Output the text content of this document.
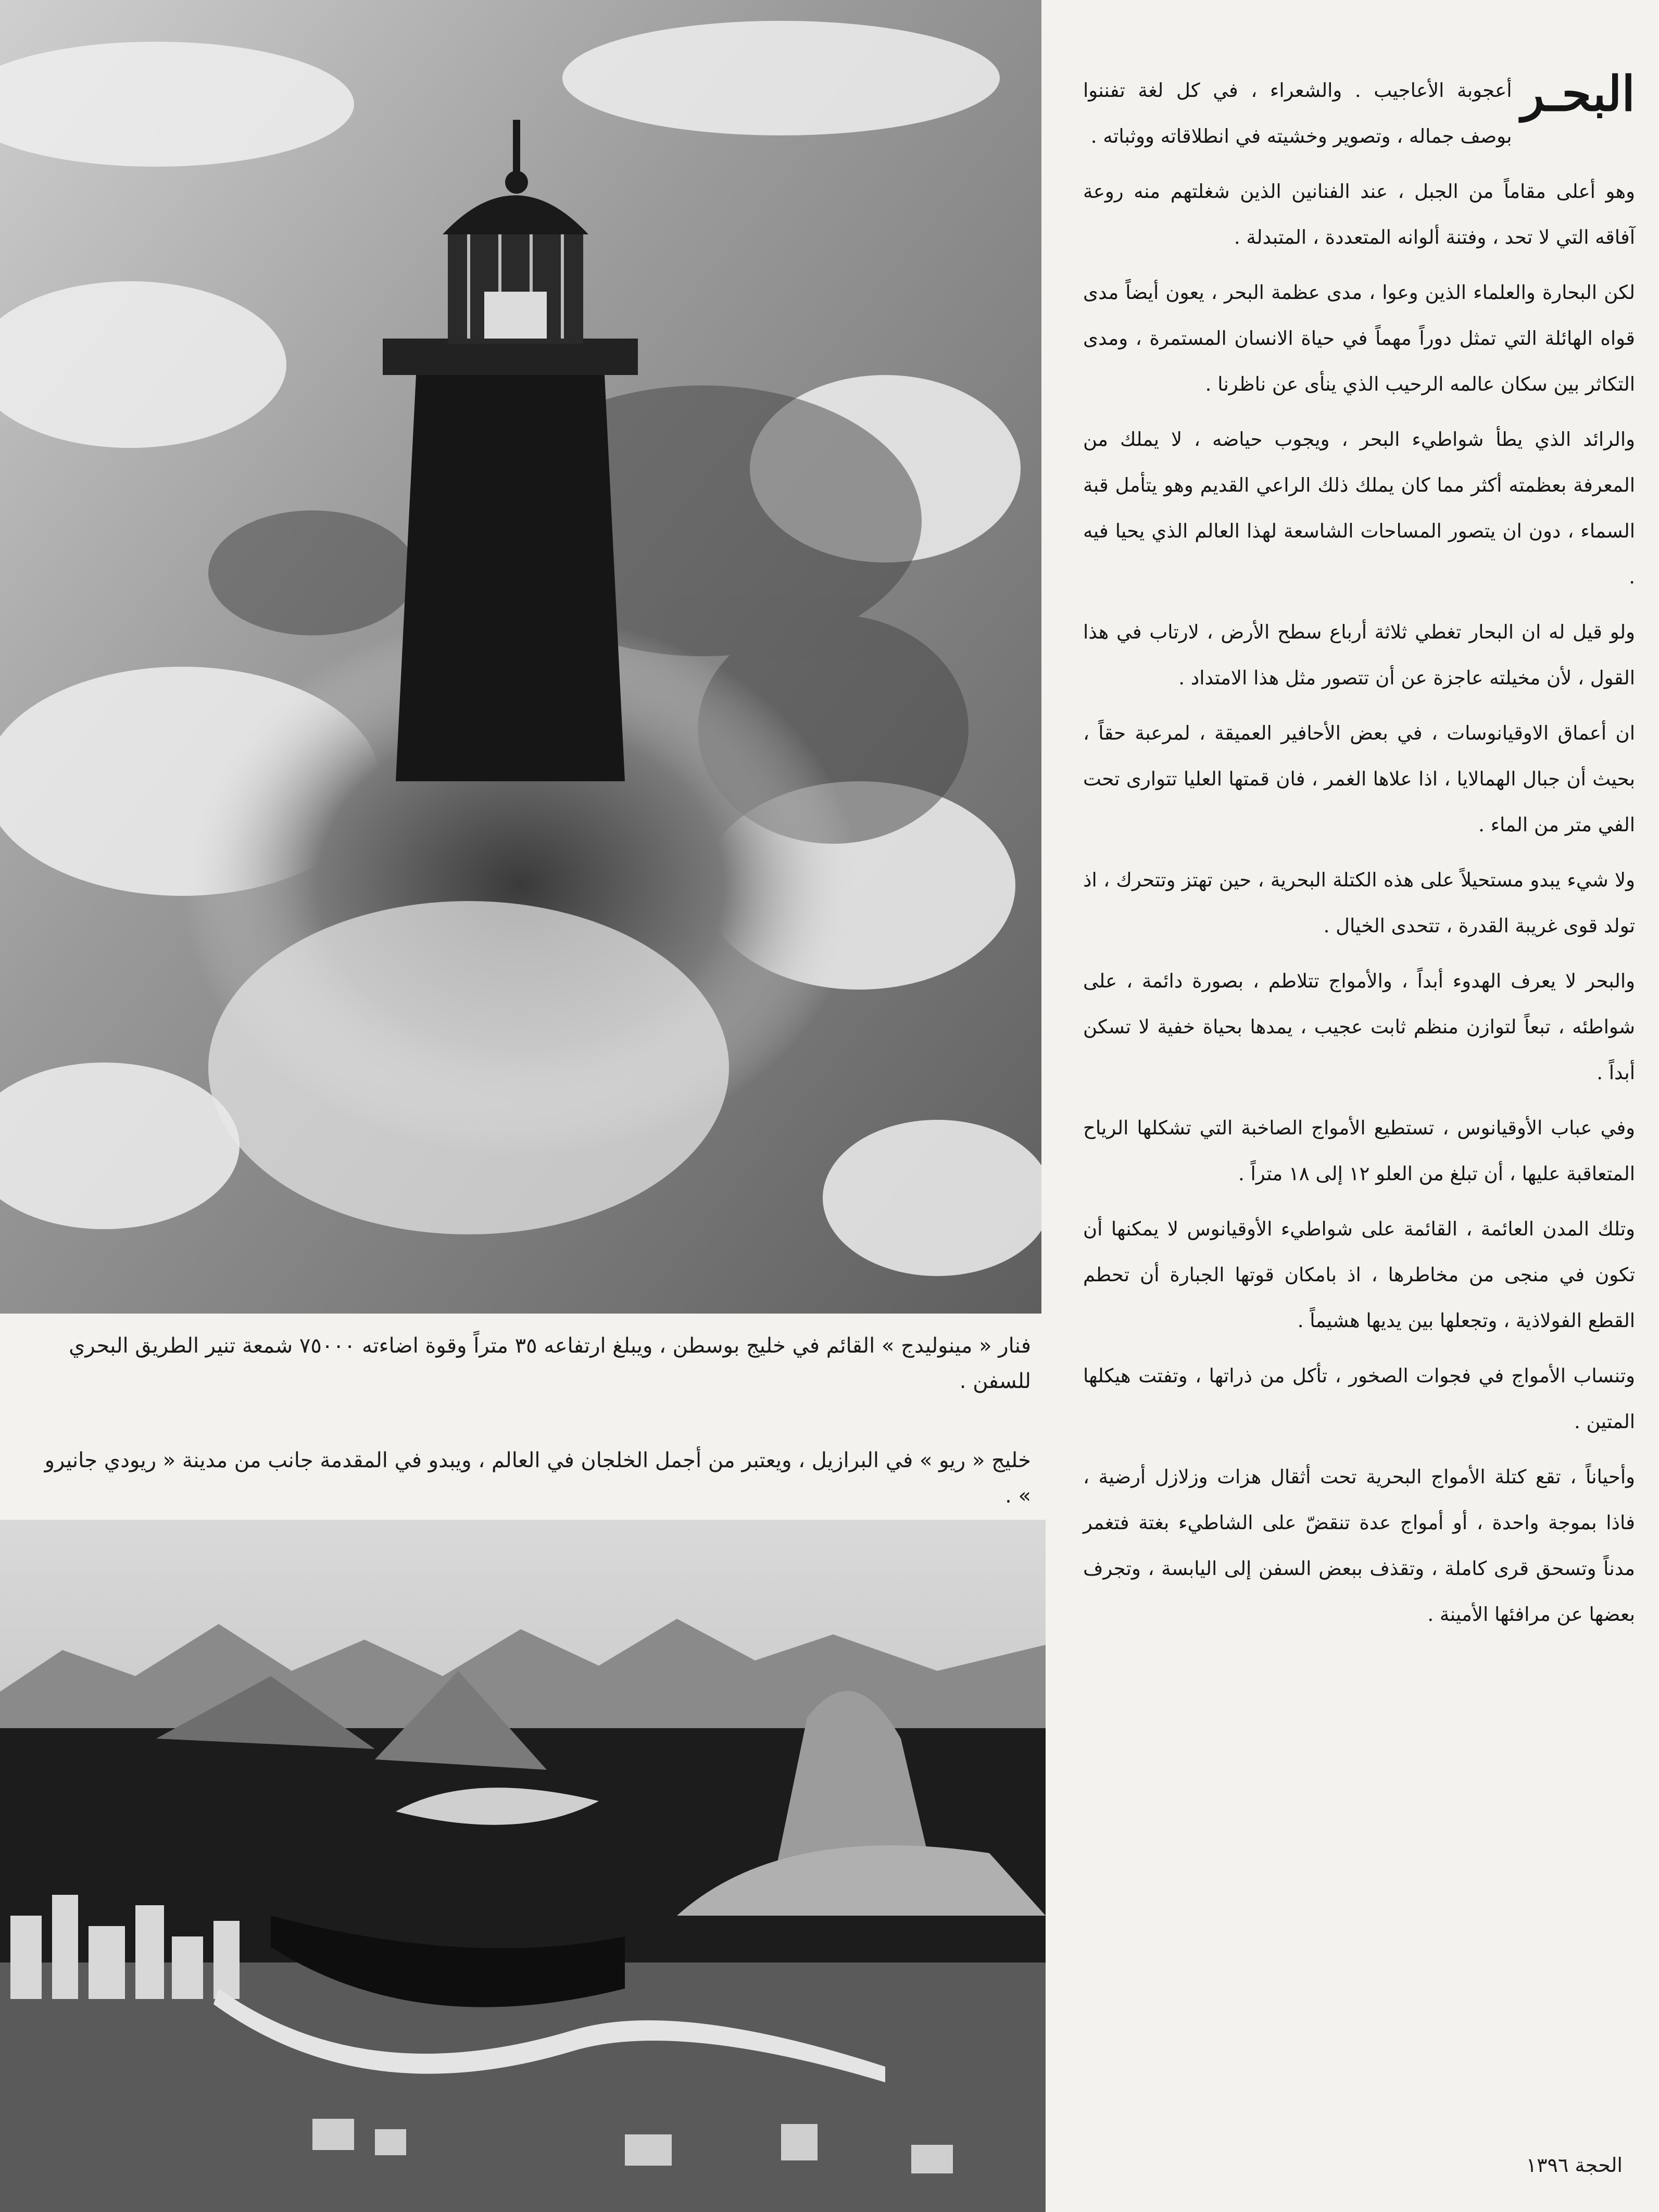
فنار « مينوليدج » القائم في خليج بوسطن ، ويبلغ ارتفاعه ٣٥ متراً وقوة اضاءته ٧٥٠٠٠ شمعة تنير الطريق البحري للسفن .

خليج « ريو » في البرازيل ، ويعتبر من أجمل الخلجان في العالم ، ويبدو في المقدمة جانب من مدينة « ريودي جانيرو » .

البحـر
أعجوبة الأعاجيب . والشعراء ، في كل لغة تفننوا بوصف جماله ، وتصوير وخشيته في انطلاقاته ووثباته .

وهو أعلى مقاماً من الجبل ، عند الفنانين الذين شغلتهم منه روعة آفاقه التي لا تحد ، وفتنة ألوانه المتعددة ، المتبدلة .

لكن البحارة والعلماء الذين وعوا ، مدى عظمة البحر ، يعون أيضاً مدى قواه الهائلة التي تمثل دوراً مهماً في حياة الانسان المستمرة ، ومدى التكاثر بين سكان عالمه الرحيب الذي ينأى عن ناظرنا .

والرائد الذي يطأ شواطيء البحر ، ويجوب حياضه ، لا يملك من المعرفة بعظمته أكثر مما كان يملك ذلك الراعي القديم وهو يتأمل قبة السماء ، دون ان يتصور المساحات الشاسعة لهذا العالم الذي يحيا فيه .

ولو قيل له ان البحار تغطي ثلاثة أرباع سطح الأرض ، لارتاب في هذا القول ، لأن مخيلته عاجزة عن أن تتصور مثل هذا الامتداد .

ان أعماق الاوقيانوسات ، في بعض الأحافير العميقة ، لمرعبة حقاً ، بحيث أن جبال الهمالايا ، اذا علاها الغمر ، فان قمتها العليا تتوارى تحت الفي متر من الماء .

ولا شيء يبدو مستحيلاً على هذه الكتلة البحرية ، حين تهتز وتتحرك ، اذ تولد قوى غريبة القدرة ، تتحدى الخيال .

والبحر لا يعرف الهدوء أبداً ، والأمواج تتلاطم ، بصورة دائمة ، على شواطئه ، تبعاً لتوازن منظم ثابت عجيب ، يمدها بحياة خفية لا تسكن أبداً .

وفي عباب الأوقيانوس ، تستطيع الأمواج الصاخبة التي تشكلها الرياح المتعاقبة عليها ، أن تبلغ من العلو ١٢ إلى ١٨ متراً .

وتلك المدن العائمة ، القائمة على شواطيء الأوقيانوس لا يمكنها أن تكون في منجى من مخاطرها ، اذ بامكان قوتها الجبارة أن تحطم القطع الفولاذية ، وتجعلها بين يديها هشيماً .

وتنساب الأمواج في فجوات الصخور ، تأكل من ذراتها ، وتفتت هيكلها المتين .

وأحياناً ، تقع كتلة الأمواج البحرية تحت أثقال هزات وزلازل أرضية ، فاذا بموجة واحدة ، أو أمواج عدة تنقضّ على الشاطيء بغتة فتغمر مدناً وتسحق قرى كاملة ، وتقذف ببعض السفن إلى اليابسة ، وتجرف بعضها عن مرافئها الأمينة .

الحجة ١٣٩٦
